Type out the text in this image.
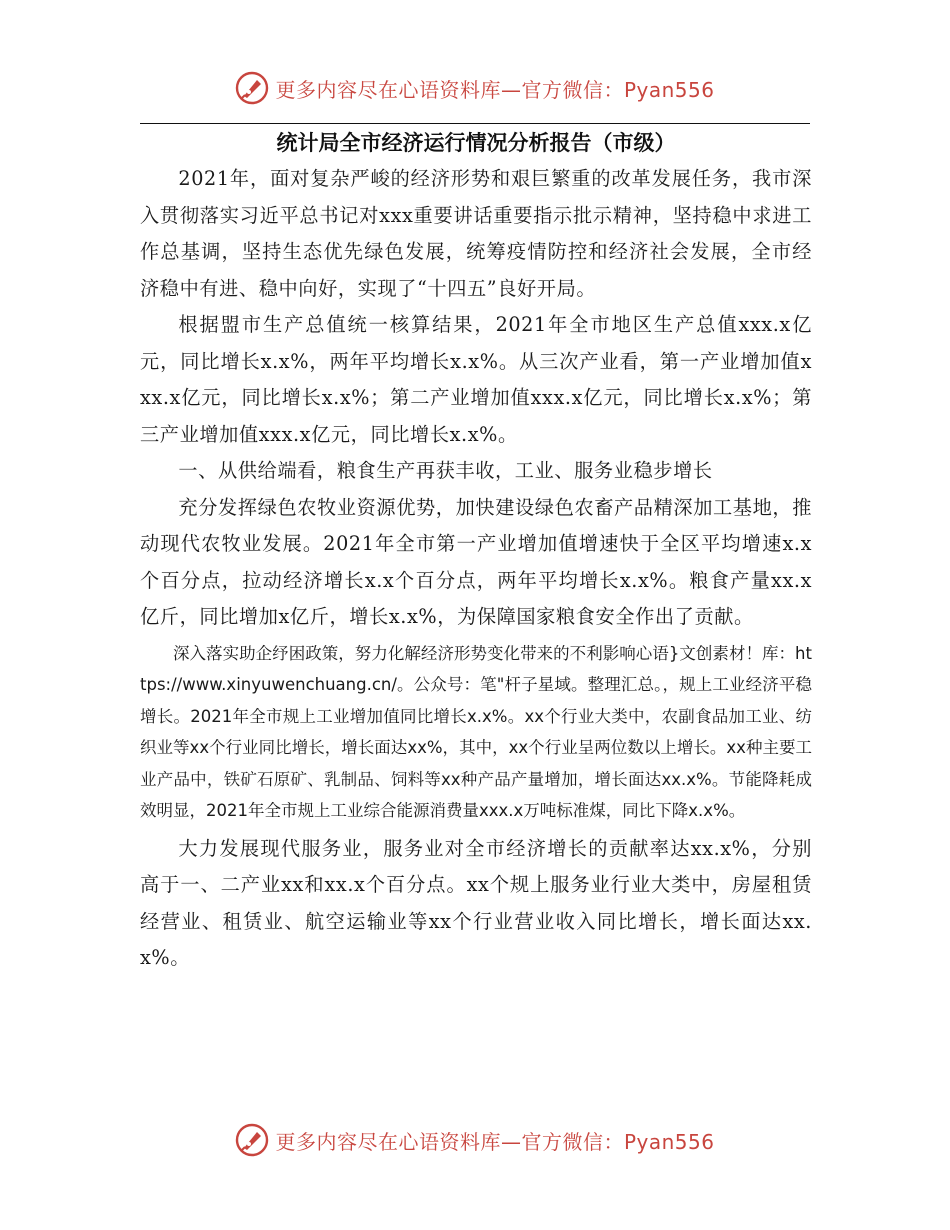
更多内容尽在心语资料库—官方微信：Pyan556
统计局全市经济运行情况分析报告（市级）

2021年，面对复杂严峻的经济形势和艰巨繁重的改革发展任务，我市深入贯彻落实习近平总书记对xxx重要讲话重要指示批示精神，坚持稳中求进工作总基调，坚持生态优先绿色发展，统筹疫情防控和经济社会发展，全市经济稳中有进、稳中向好，实现了“十四五”良好开局。

根据盟市生产总值统一核算结果，2021年全市地区生产总值xxx.x亿元，同比增长x.x%，两年平均增长x.x%。从三次产业看，第一产业增加值xxx.x亿元，同比增长x.x%；第二产业增加值xxx.x亿元，同比增长x.x%；第三产业增加值xxx.x亿元，同比增长x.x%。

一、从供给端看，粮食生产再获丰收，工业、服务业稳步增长

充分发挥绿色农牧业资源优势，加快建设绿色农畜产品精深加工基地，推动现代农牧业发展。2021年全市第一产业增加值增速快于全区平均增速x.x个百分点，拉动经济增长x.x个百分点，两年平均增长x.x%。粮食产量xx.x亿斤，同比增加x亿斤，增长x.x%，为保障国家粮食安全作出了贡献。

深入落实助企纾困政策，努力化解经济形势变化带来的不利影响心语}文创素材！库：https://www.xinyuwenchuang.cn/。公众号：笔"杆子星域。整理汇总。，规上工业经济平稳增长。2021年全市规上工业增加值同比增长x.x%。xx个行业大类中，农副食品加工业、纺织业等xx个行业同比增长，增长面达xx%，其中，xx个行业呈两位数以上增长。xx种主要工业产品中，铁矿石原矿、乳制品、饲料等xx种产品产量增加，增长面达xx.x%。节能降耗成效明显，2021年全市规上工业综合能源消费量xxx.x万吨标准煤，同比下降x.x%。

大力发展现代服务业，服务业对全市经济增长的贡献率达xx.x%，分别高于一、二产业xx和xx.x个百分点。xx个规上服务业行业大类中，房屋租赁经营业、租赁业、航空运输业等xx个行业营业收入同比增长，增长面达xx.x%。

更多内容尽在心语资料库—官方微信：Pyan556
